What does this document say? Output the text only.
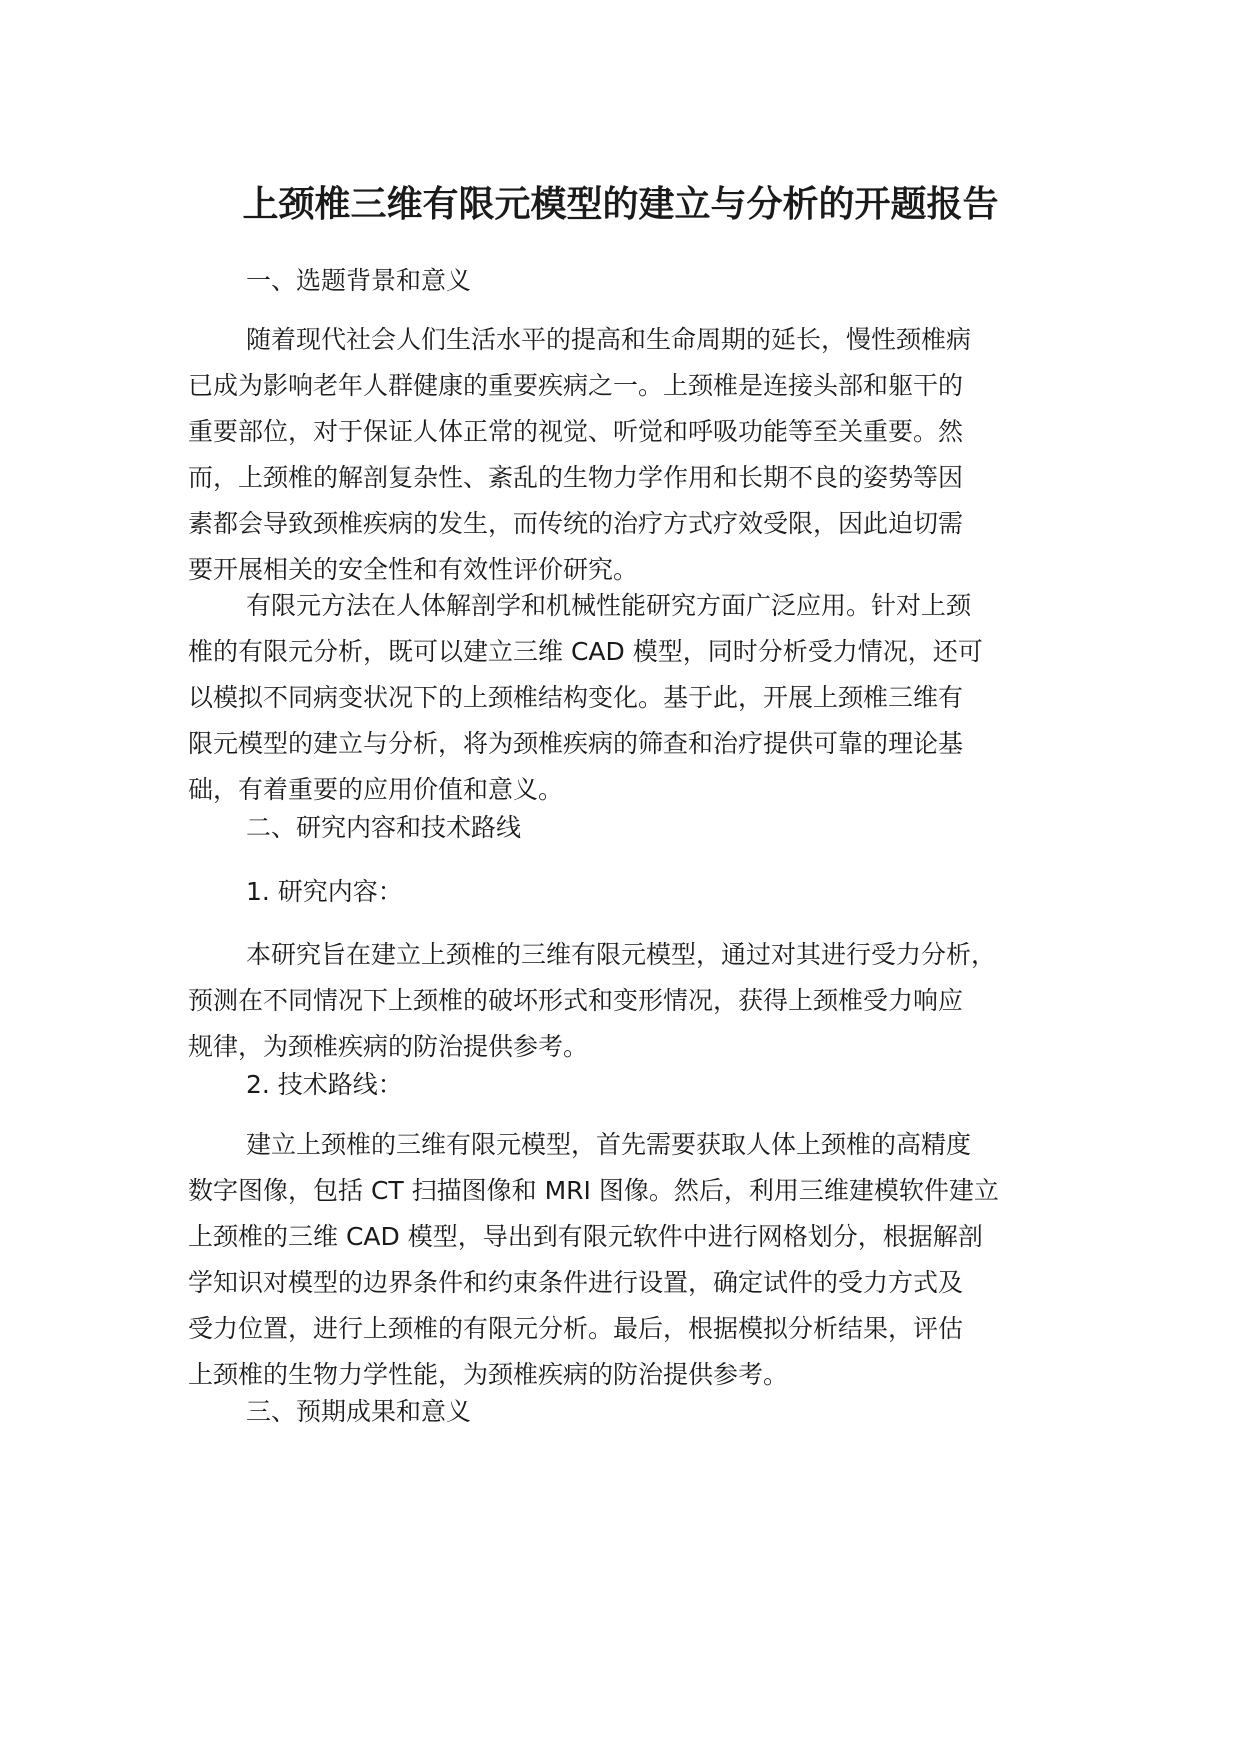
上颈椎三维有限元模型的建立与分析的开题报告
一、选题背景和意义
随着现代社会人们生活水平的提高和生命周期的延长，慢性颈椎病
已成为影响老年人群健康的重要疾病之一。上颈椎是连接头部和躯干的
重要部位，对于保证人体正常的视觉、听觉和呼吸功能等至关重要。然
而，上颈椎的解剖复杂性、紊乱的生物力学作用和长期不良的姿势等因
素都会导致颈椎疾病的发生，而传统的治疗方式疗效受限，因此迫切需
要开展相关的安全性和有效性评价研究。
有限元方法在人体解剖学和机械性能研究方面广泛应用。针对上颈
椎的有限元分析，既可以建立三维 CAD 模型，同时分析受力情况，还可
以模拟不同病变状况下的上颈椎结构变化。基于此，开展上颈椎三维有
限元模型的建立与分析，将为颈椎疾病的筛查和治疗提供可靠的理论基
础，有着重要的应用价值和意义。
二、研究内容和技术路线
1. 研究内容：
本研究旨在建立上颈椎的三维有限元模型，通过对其进行受力分析，
预测在不同情况下上颈椎的破坏形式和变形情况，获得上颈椎受力响应
规律，为颈椎疾病的防治提供参考。
2. 技术路线：
建立上颈椎的三维有限元模型，首先需要获取人体上颈椎的高精度
数字图像，包括 CT 扫描图像和 MRI 图像。然后，利用三维建模软件建立
上颈椎的三维 CAD 模型，导出到有限元软件中进行网格划分，根据解剖
学知识对模型的边界条件和约束条件进行设置，确定试件的受力方式及
受力位置，进行上颈椎的有限元分析。最后，根据模拟分析结果，评估
上颈椎的生物力学性能，为颈椎疾病的防治提供参考。
三、预期成果和意义
